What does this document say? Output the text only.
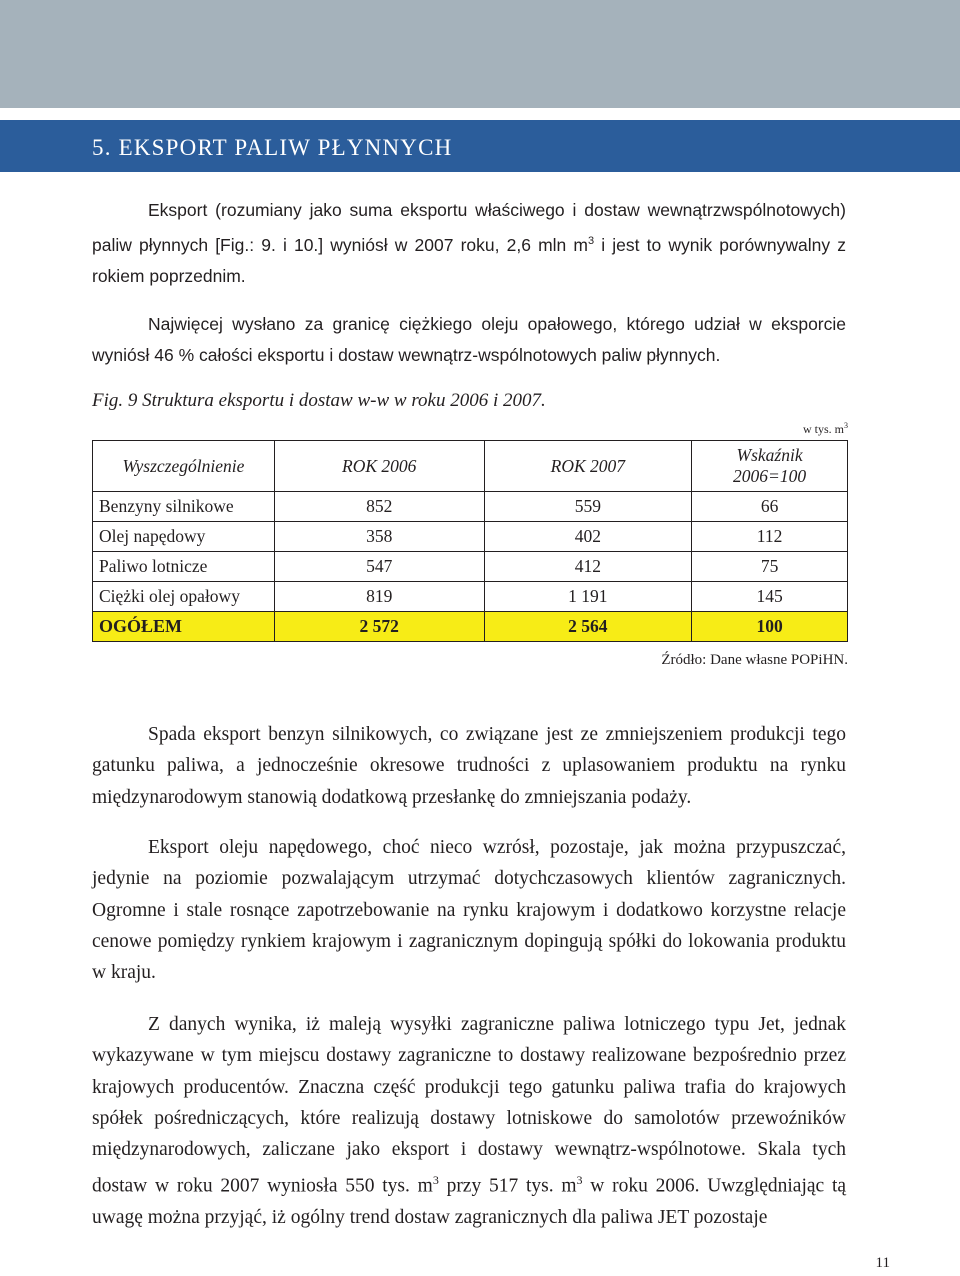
5. EKSPORT PALIW PŁYNNYCH

Eksport (rozumiany jako suma eksportu właściwego i dostaw wewnątrzwspólnotowych) paliw płynnych [Fig.: 9. i 10.] wyniósł w 2007 roku, 2,6 mln $m^3$ i jest to wynik porównywalny z rokiem poprzednim.

Najwięcej wysłano za granicę ciężkiego oleju opałowego, którego udział w eksporcie wyniósł 46 % całości eksportu i dostaw wewnątrz-wspólnotowych paliw płynnych.

Fig. 9 Struktura eksportu i dostaw w-w w roku 2006 i 2007.

w tys. $m^3$
Wyszczególnienie	ROK 2006	ROK 2007	Wskaźnik
2006=100
Benzyny silnikowe	852	559	66
Olej napędowy	358	402	112
Paliwo lotnicze	547	412	75
Ciężki olej opałowy	819	1 191	145
OGÓŁEM	2 572	2 564	100

Źródło: Dane własne POPiHN.

Spada eksport benzyn silnikowych, co związane jest ze zmniejszeniem produkcji tego gatunku paliwa, a jednocześnie okresowe trudności z uplasowaniem produktu na rynku międzynarodowym stanowią dodatkową przesłankę do zmniejszania podaży.

Eksport oleju napędowego, choć nieco wzrósł, pozostaje, jak można przypuszczać, jedynie na poziomie pozwalającym utrzymać dotychczasowych klientów zagranicznych. Ogromne i stale rosnące zapotrzebowanie na rynku krajowym i dodatkowo korzystne relacje cenowe pomiędzy rynkiem krajowym i zagranicznym dopingują spółki do lokowania produktu w kraju.

Z danych wynika, iż maleją wysyłki zagraniczne paliwa lotniczego typu Jet, jednak wykazywane w tym miejscu dostawy zagraniczne to dostawy realizowane bezpośrednio przez krajowych producentów. Znaczna część produkcji tego gatunku paliwa trafia do krajowych spółek pośredniczących, które realizują dostawy lotniskowe do samolotów przewoźników międzynarodowych, zaliczane jako eksport i dostawy wewnątrz-wspólnotowe. Skala tych dostaw w roku 2007 wyniosła 550 tys. $m^3$ przy 517 tys. $m^3$ w roku 2006. Uwzględniając tą uwagę można przyjąć, iż ogólny trend dostaw zagranicznych dla paliwa JET pozostaje

11
